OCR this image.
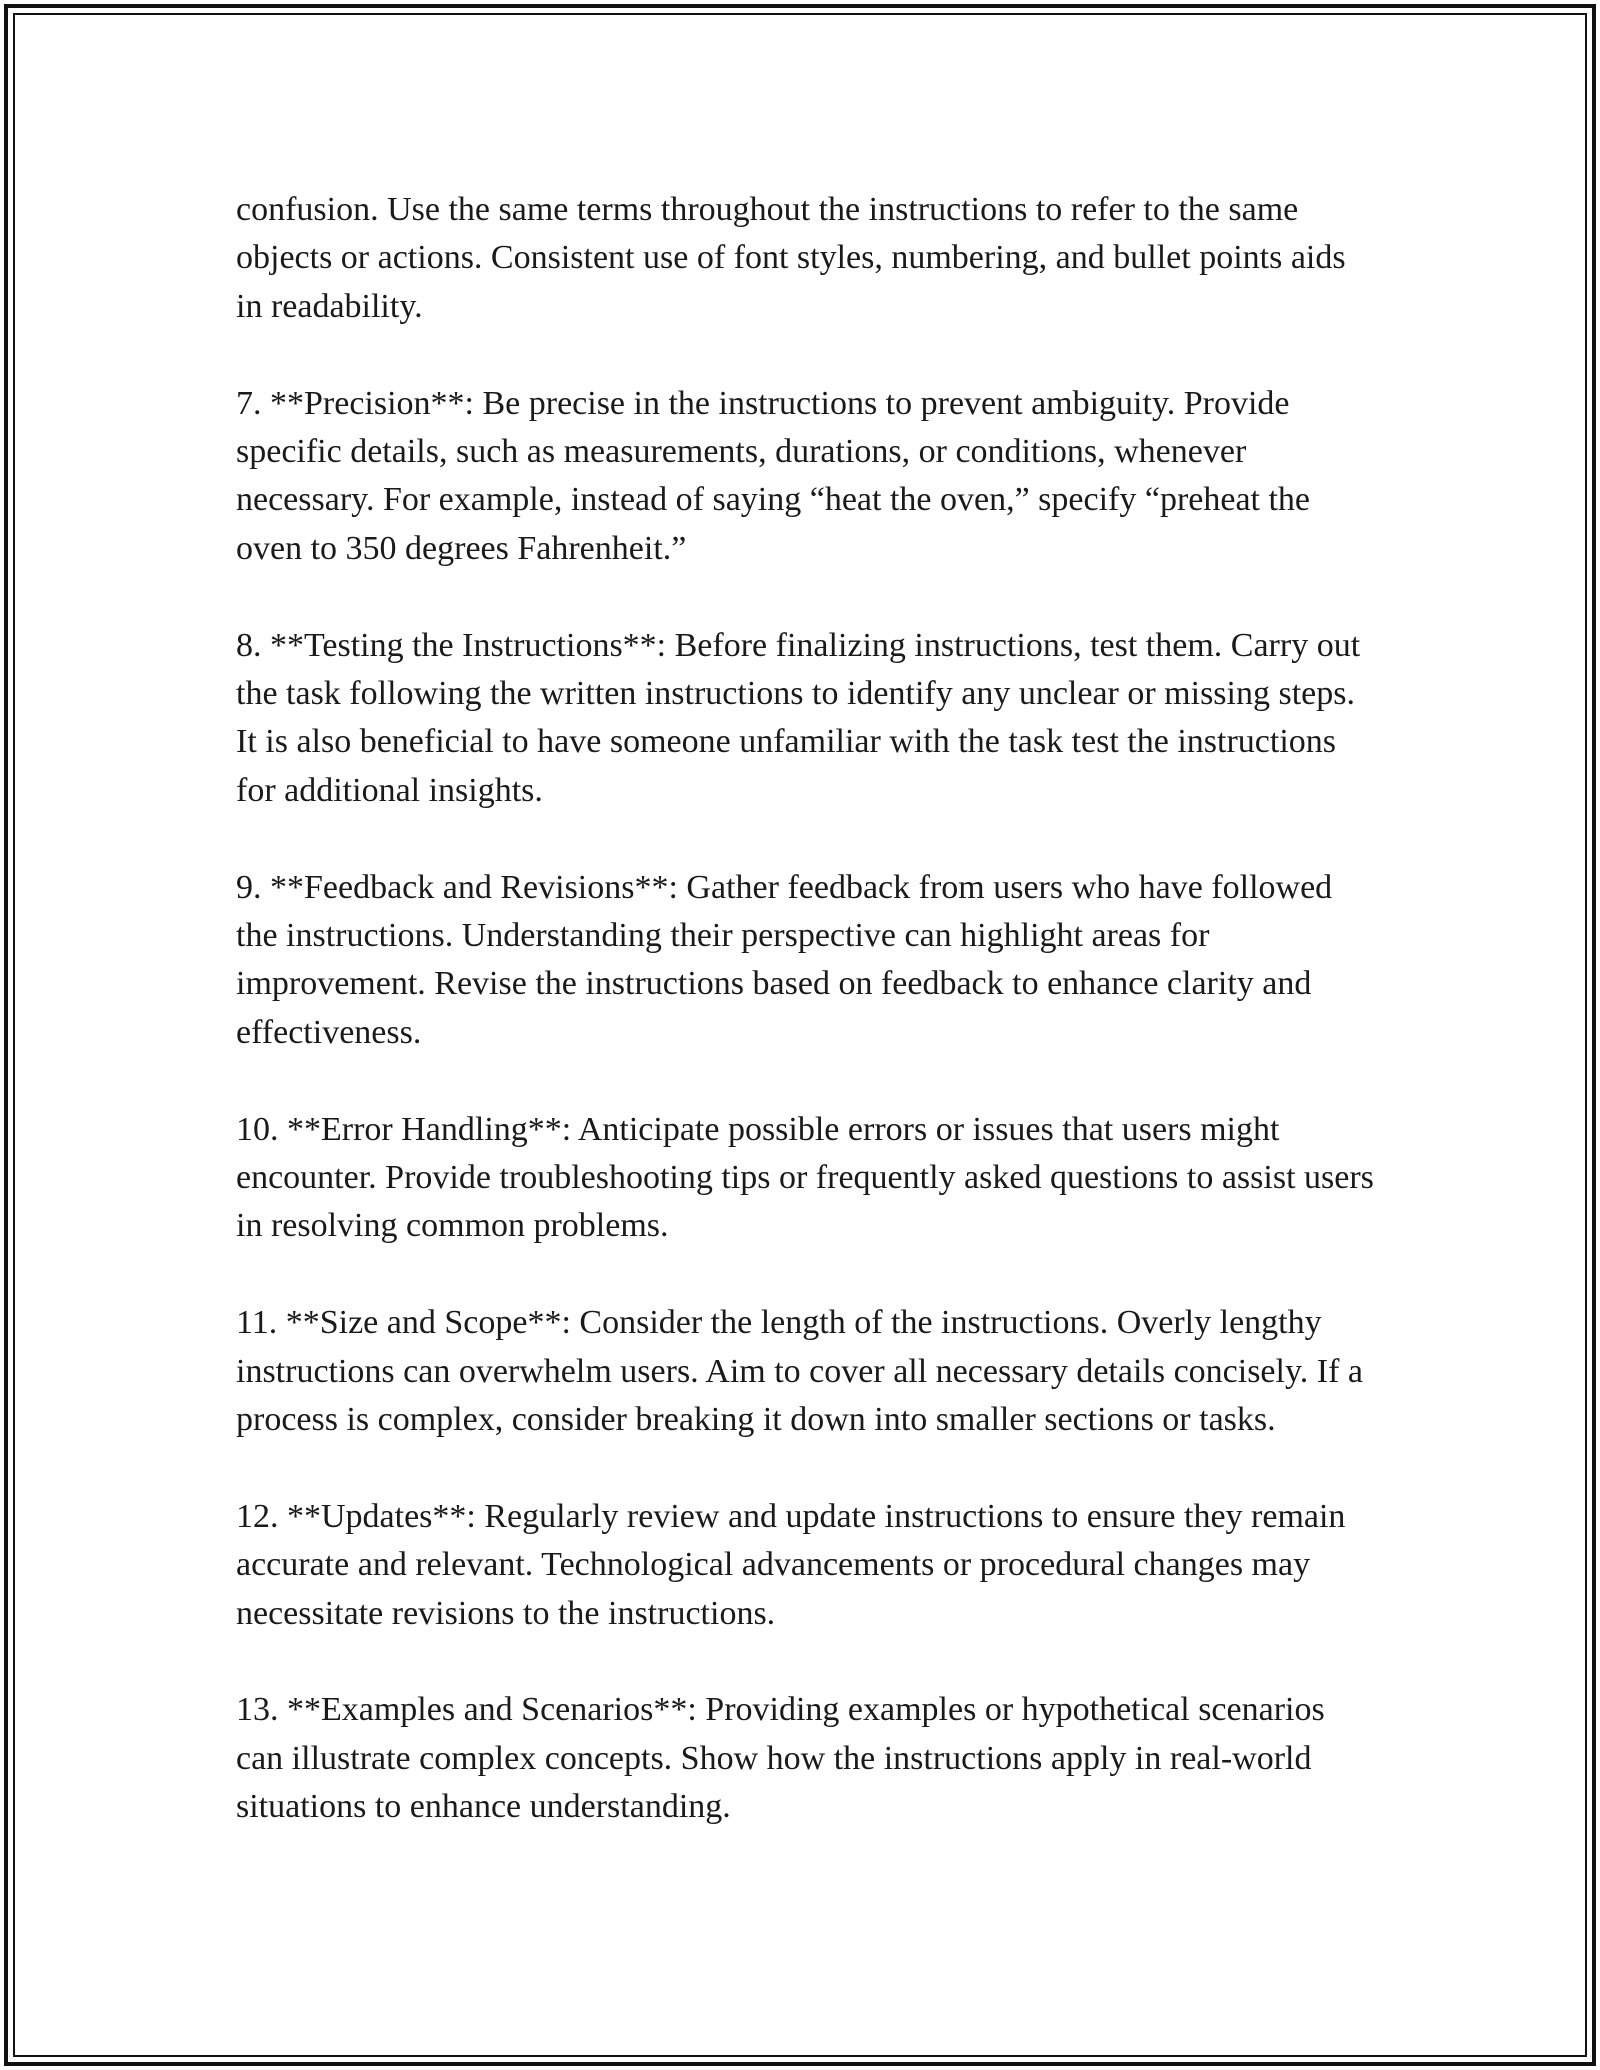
confusion. Use the same terms throughout the instructions to refer to the same objects or actions. Consistent use of font styles, numbering, and bullet points aids in readability.

7. **Precision**: Be precise in the instructions to prevent ambiguity. Provide specific details, such as measurements, durations, or conditions, whenever necessary. For example, instead of saying “heat the oven,” specify “preheat the oven to 350 degrees Fahrenheit.”

8. **Testing the Instructions**: Before finalizing instructions, test them. Carry out the task following the written instructions to identify any unclear or missing steps. It is also beneficial to have someone unfamiliar with the task test the instructions for additional insights.

9. **Feedback and Revisions**: Gather feedback from users who have followed the instructions. Understanding their perspective can highlight areas for improvement. Revise the instructions based on feedback to enhance clarity and effectiveness.

10. **Error Handling**: Anticipate possible errors or issues that users might encounter. Provide troubleshooting tips or frequently asked questions to assist users in resolving common problems.

11. **Size and Scope**: Consider the length of the instructions. Overly lengthy instructions can overwhelm users. Aim to cover all necessary details concisely. If a process is complex, consider breaking it down into smaller sections or tasks.

12. **Updates**: Regularly review and update instructions to ensure they remain accurate and relevant. Technological advancements or procedural changes may necessitate revisions to the instructions.

13. **Examples and Scenarios**: Providing examples or hypothetical scenarios can illustrate complex concepts. Show how the instructions apply in real-world situations to enhance understanding.
